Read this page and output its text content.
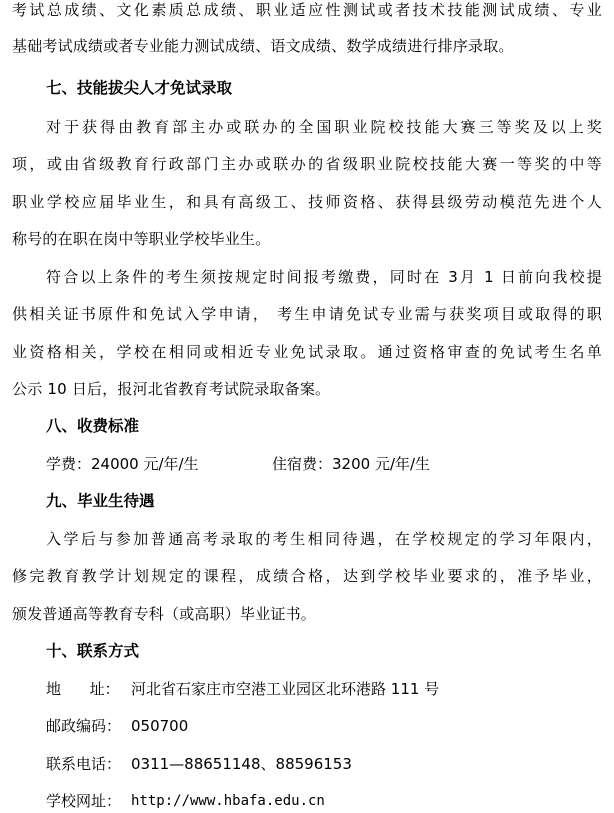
考试总成绩、文化素质总成绩、职业适应性测试或者技术技能测试成绩、专业
基础考试成绩或者专业能力测试成绩、语文成绩、数学成绩进行排序录取。
七、技能拔尖人才免试录取
对于获得由教育部主办或联办的全国职业院校技能大赛三等奖及以上奖
项，或由省级教育行政部门主办或联办的省级职业院校技能大赛一等奖的中等
职业学校应届毕业生，和具有高级工、技师资格、获得县级劳动模范先进个人
称号的在职在岗中等职业学校毕业生。
符合以上条件的考生须按规定时间报考缴费，同时在 3月 1 日前向我校提
供相关证书原件和免试入学申请， 考生申请免试专业需与获奖项目或取得的职
业资格相关，学校在相同或相近专业免试录取。通过资格审查的免试考生名单
公示 10 日后，报河北省教育考试院录取备案。
八、收费标准
学费：24000 元/年/生	住宿费：3200 元/年/生
九、毕业生待遇
入学后与参加普通高考录取的考生相同待遇，在学校规定的学习年限内，
修完教育教学计划规定的课程，成绩合格，达到学校毕业要求的，准予毕业，
颁发普通高等教育专科（或高职）毕业证书。
十、联系方式
地      址： 河北省石家庄市空港工业园区北环港路 111 号
邮政编码： 050700
联系电话： 0311—88651148、88596153
学校网址： http://www.hbafa.edu.cn
